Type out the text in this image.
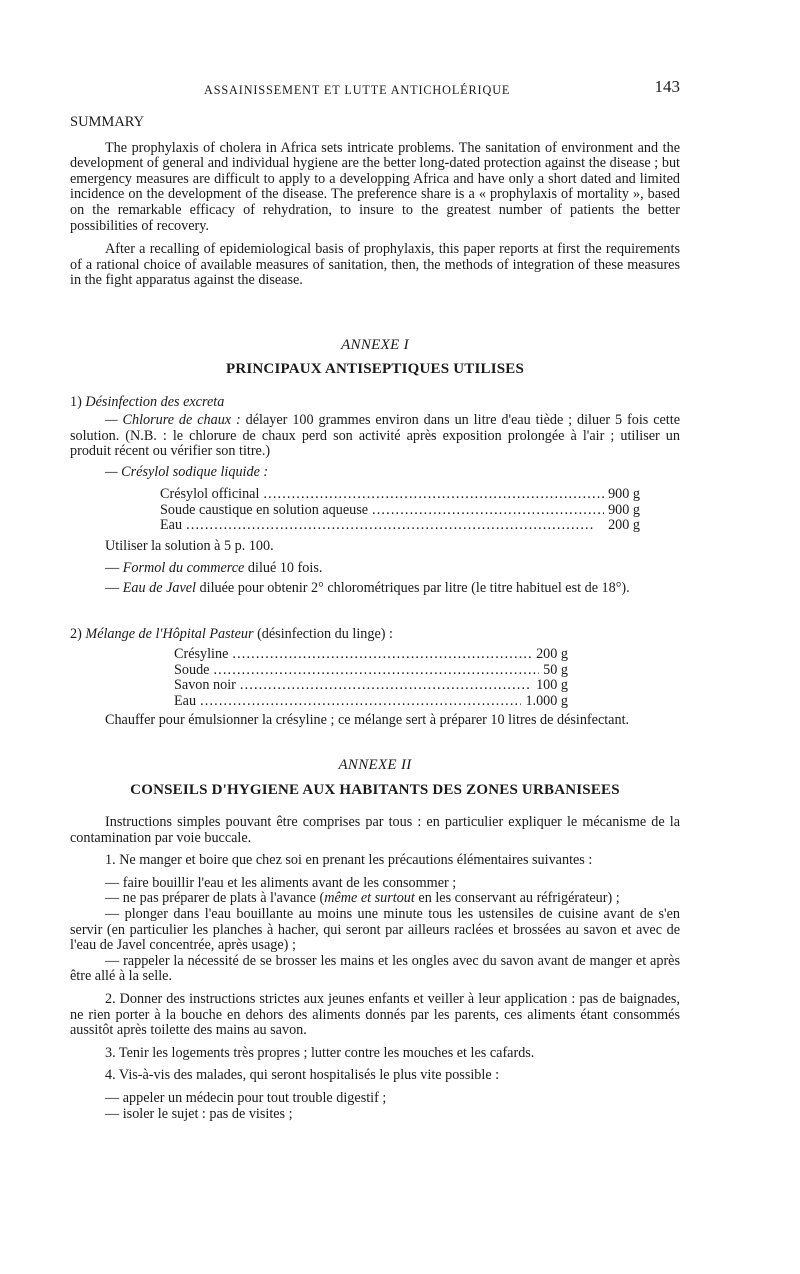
ASSAINISSEMENT ET LUTTE ANTICHOLÉRIQUE	143
SUMMARY

The prophylaxis of cholera in Africa sets intricate problems. The sanitation of environment and the development of general and individual hygiene are the better long-dated protection against the disease ; but emergency measures are difficult to apply to a developping Africa and have only a short dated and limited incidence on the development of the disease. The preference share is a « prophylaxis of mortality », based on the remarkable efficacy of rehydration, to insure to the greatest number of patients the better possibilities of recovery.

After a recalling of epidemiological basis of prophylaxis, this paper reports at first the requirements of a rational choice of available measures of sanitation, then, the methods of integration of these measures in the fight apparatus against the disease.

ANNEXE I
PRINCIPAUX ANTISEPTIQUES UTILISES
1) Désinfection des excreta

— Chlorure de chaux : délayer 100 grammes environ dans un litre d'eau tiède ; diluer 5 fois cette solution. (N.B. : le chlorure de chaux perd son activité après exposition prolongée à l'air ; utiliser un produit récent ou vérifier son titre.)

— Crésylol sodique liquide :

Crésylol officinal . . .	900 g
Soude caustique en solution aqueuse . . .	900 g
Eau . . .	200 g

Utiliser la solution à 5 p. 100.

— Formol du commerce dilué 10 fois.

— Eau de Javel diluée pour obtenir 2° chlorométriques par litre (le titre habituel est de 18°).

2) Mélange de l'Hôpital Pasteur (désinfection du linge) :
Crésyline . . .	200 g
Soude . . .	50 g
Savon noir . . .	100 g
Eau . . .	1.000 g

Chauffer pour émulsionner la crésyline ; ce mélange sert à préparer 10 litres de désinfectant.

ANNEXE II
CONSEILS D'HYGIENE AUX HABITANTS DES ZONES URBANISEES

Instructions simples pouvant être comprises par tous : en particulier expliquer le mécanisme de la contamination par voie buccale.

1. Ne manger et boire que chez soi en prenant les précautions élémentaires suivantes :

— faire bouillir l'eau et les aliments avant de les consommer ;

— ne pas préparer de plats à l'avance (même et surtout en les conservant au réfrigérateur) ;

— plonger dans l'eau bouillante au moins une minute tous les ustensiles de cuisine avant de s'en servir (en particulier les planches à hacher, qui seront par ailleurs raclées et brossées au savon et avec de l'eau de Javel concentrée, après usage) ;

— rappeler la nécessité de se brosser les mains et les ongles avec du savon avant de manger et après être allé à la selle.

2. Donner des instructions strictes aux jeunes enfants et veiller à leur application : pas de baignades, ne rien porter à la bouche en dehors des aliments donnés par les parents, ces aliments étant consommés aussitôt après toilette des mains au savon.

3. Tenir les logements très propres ; lutter contre les mouches et les cafards.

4. Vis-à-vis des malades, qui seront hospitalisés le plus vite possible :

— appeler un médecin pour tout trouble digestif ;

— isoler le sujet : pas de visites ;
